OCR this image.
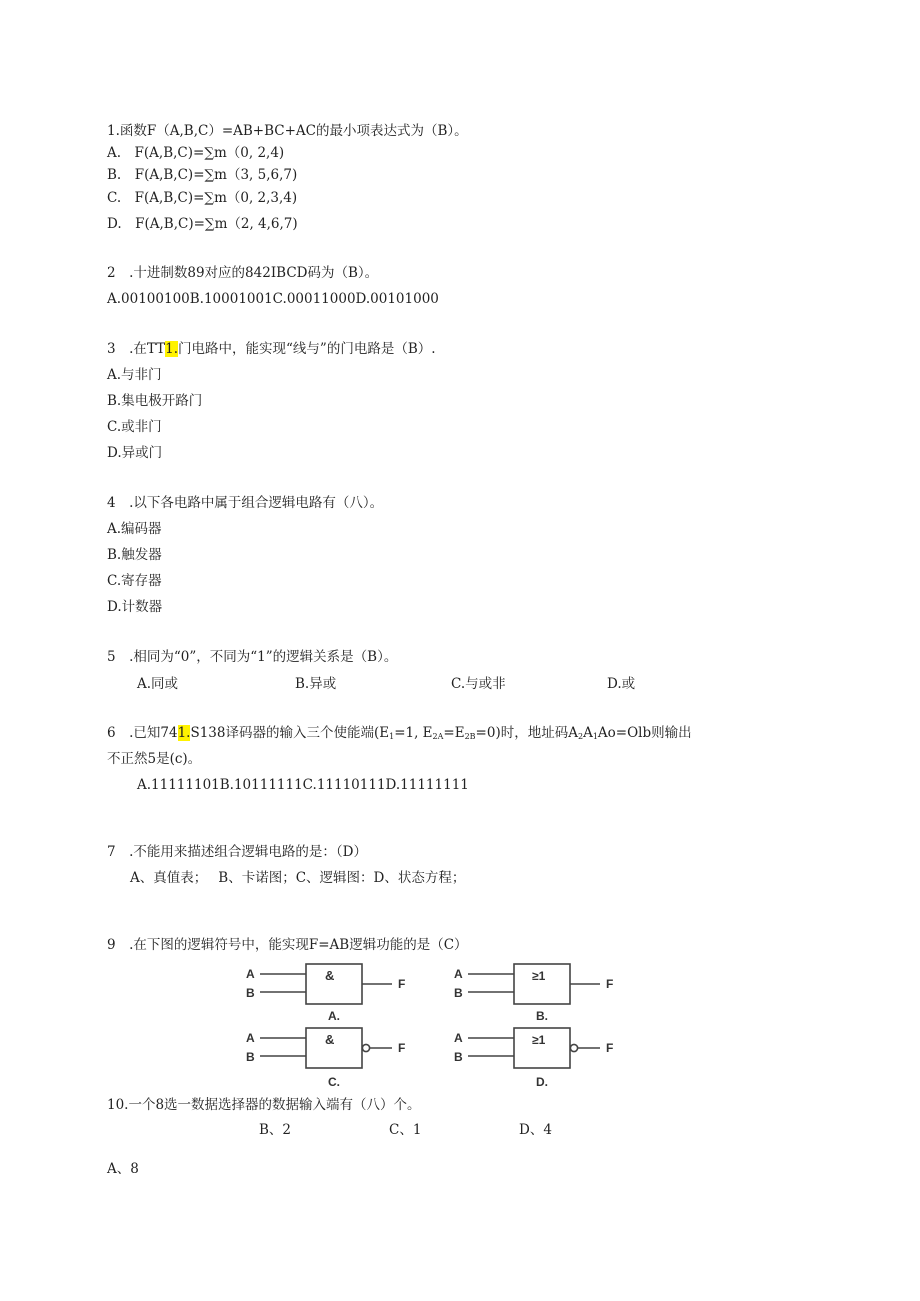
1.函数F（A,B,C）=AB+BC+AC的最小项表达式为（B）。
A.　F(A,B,C)=∑m（0, 2,4)
B.　F(A,B,C)=∑m（3, 5,6,7)
C.　F(A,B,C)=∑m（0, 2,3,4)
D.　F(A,B,C)=∑m（2, 4,6,7)
2　.十进制数89对应的842IBCD码为（B）。
A.00100100B.10001001C.00011000D.00101000
3　.在TT1.门电路中，能实现“线与”的门电路是（B）.
A.与非门
B.集电极开路门
C.或非门
D.异或门
4　.以下各电路中属于组合逻辑电路有（八）。
A.编码器
B.触发器
C.寄存器
D.计数器
5　.相同为“0”，不同为“1”的逻辑关系是（B）。
A.同或	B.异或	C.与或非	D.或
6　.已知741.S138译码器的输入三个使能端($E_1=1$, $E_{2A}=E_{2B}=0$)时，地址码$A_2A_1Ao=Olb$则输出
不正然5是(c)。
A.11111101B.10111111C.11110111D.11111111
7　.不能用来描述组合逻辑电路的是：（D）
A、真值表；　 B、卡诺图；C、逻辑图：D、状态方程；
9　.在下图的逻辑符号中，能实现F=AB逻辑功能的是（C）
A
B
&
F
A.
A
B
≥1
F
B.
A
B
&
F
C.
A
B
≥1
F
D.
10.一个8选一数据选择器的数据输入端有（八）个。
B、2	C、1	D、4
A、8
